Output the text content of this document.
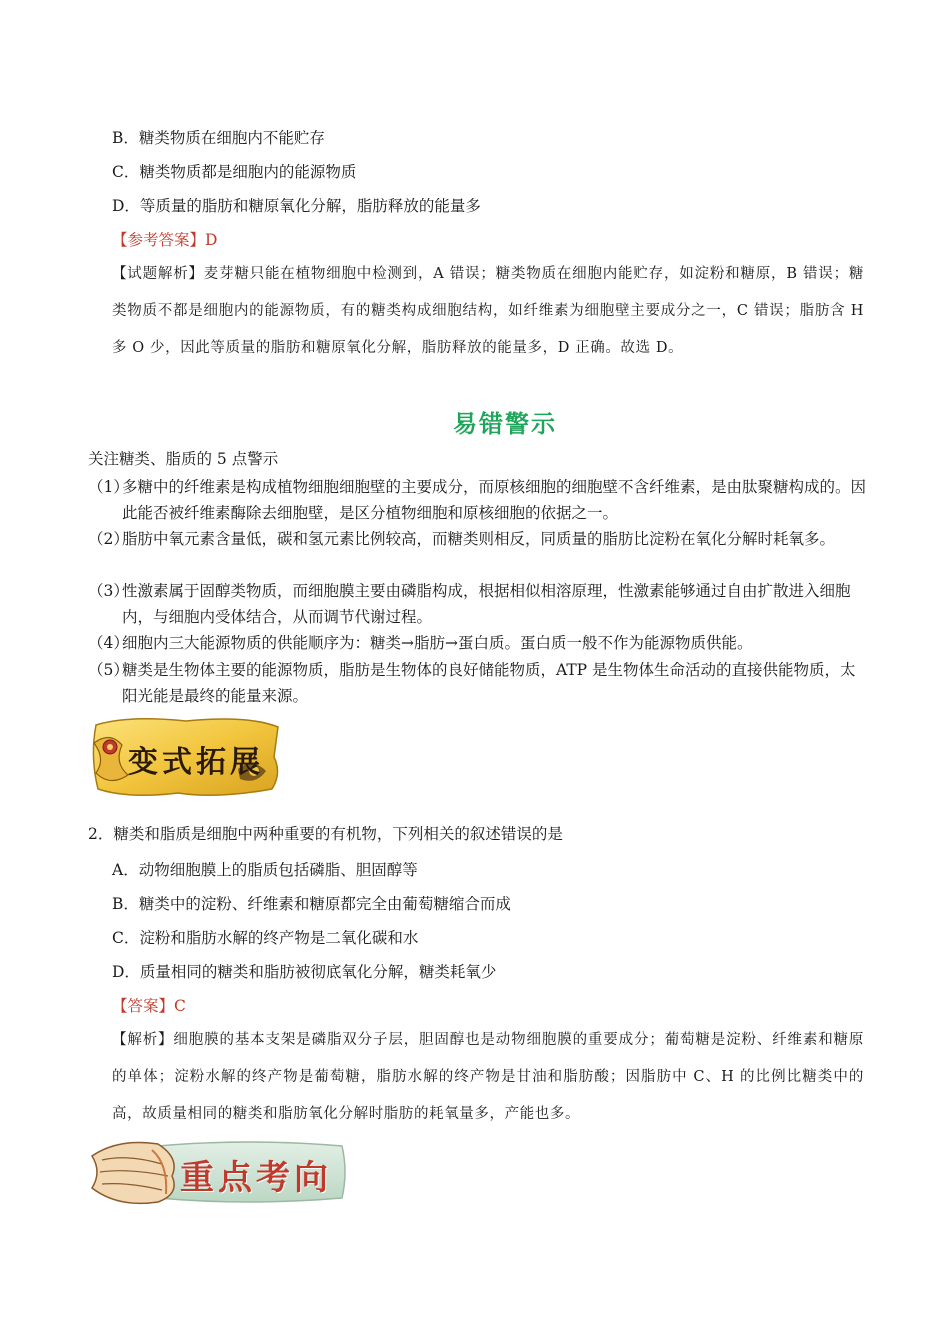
B．糖类物质在细胞内不能贮存
C．糖类物质都是细胞内的能源物质
D．等质量的脂肪和糖原氧化分解，脂肪释放的能量多
【参考答案】D
【试题解析】麦芽糖只能在植物细胞中检测到，A 错误；糖类物质在细胞内能贮存，如淀粉和糖原，B 错误；糖类物质不都是细胞内的能源物质，有的糖类构成细胞结构，如纤维素为细胞壁主要成分之一，C 错误；脂肪含 H 多 O 少，因此等质量的脂肪和糖原氧化分解，脂肪释放的能量多，D 正确。故选 D。
易错警示
关注糖类、脂质的 5 点警示
（1）
多糖中的纤维素是构成植物细胞细胞壁的主要成分，而原核细胞的细胞壁不含纤维素，是由肽聚糖构成的。因此能否被纤维素酶除去细胞壁，是区分植物细胞和原核细胞的依据之一。
（2）
脂肪中氧元素含量低，碳和氢元素比例较高，而糖类则相反，同质量的脂肪比淀粉在氧化分解时耗氧多。
（3）
性激素属于固醇类物质，而细胞膜主要由磷脂构成，根据相似相溶原理，性激素能够通过自由扩散进入细胞内，与细胞内受体结合，从而调节代谢过程。
（4）
细胞内三大能源物质的供能顺序为：糖类→脂肪→蛋白质。蛋白质一般不作为能源物质供能。
（5）
糖类是生物体主要的能源物质，脂肪是生物体的良好储能物质，ATP 是生物体生命活动的直接供能物质，太阳光能是最终的能量来源。
变式拓展
2．糖类和脂质是细胞中两种重要的有机物，下列相关的叙述错误的是
A．动物细胞膜上的脂质包括磷脂、胆固醇等
B．糖类中的淀粉、纤维素和糖原都完全由葡萄糖缩合而成
C．淀粉和脂肪水解的终产物是二氧化碳和水
D．质量相同的糖类和脂肪被彻底氧化分解，糖类耗氧少
【答案】C
【解析】细胞膜的基本支架是磷脂双分子层，胆固醇也是动物细胞膜的重要成分；葡萄糖是淀粉、纤维素和糖原的单体；淀粉水解的终产物是葡萄糖，脂肪水解的终产物是甘油和脂肪酸；因脂肪中 C、H 的比例比糖类中的高，故质量相同的糖类和脂肪氧化分解时脂肪的耗氧量多，产能也多。
重点考向
